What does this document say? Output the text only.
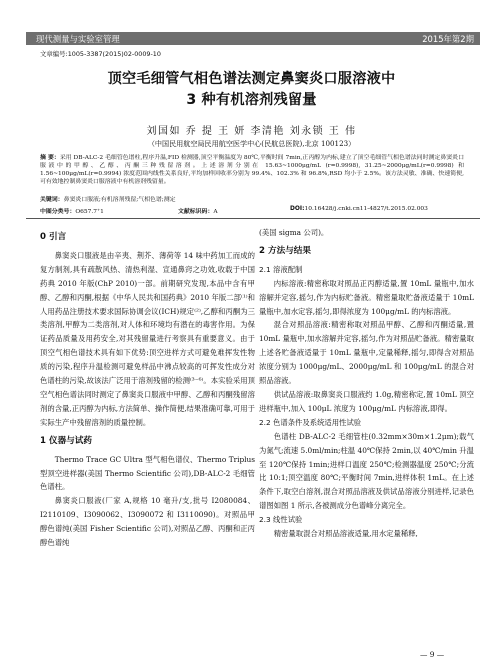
现代测量与实验室管理	2015年第2期
文章编号:1005-3387(2015)02-0009-10
顶空毛细管气相色谱法测定鼻窦炎口服溶液中
3 种有机溶剂残留量
刘国如 乔 提 王 妍 李清艳 刘永锁 王 伟
（中国民用航空局民用航空医学中心(民航总医院),北京 100123）
摘 要：采用 DB-ALC-2 毛细管色谱柱,程序升温,FID 检测器,顶空平衡温度为 80℃,平衡时间 7min,正丙醇为内标,建立了顶空毛细管气相色谱法同时测定鼻窦炎口服液中的甲醇、乙醇、丙酮三种残留溶剂。上述溶剂分别在 15.63~1000μg/mL (r=0.9998), 31.25~2000μg/mL(r=0.9998) 和 1.56~100μg/mL(r=0.9994) 浓度范围内线性关系良好,平均加样回收率分别为 99.4%、102.3% 和 96.8%,RSD 均小于 2.5%。该方法灵敏、准确、快速简便,可有效地控制鼻窦炎口服溶液中有机溶剂残留量。
关键词：鼻窦炎口服液;有机溶剂残留;气相色谱;测定
中图分类号：O657.7⁺1	文献标识码：A	DOI:10.16428/j.cnki.cn11-4827/t.2015.02.003

0 引言

鼻窦炎口服液是由辛夷、荆芥、薄荷等 14 味中药加工而成的复方制剂,具有疏散风热、清热利湿、宣通鼻窍之功效,收载于中国药典 2010 年版(ChP 2010)一部。前期研究发现,本品中含有甲醇、乙醇和丙酮,根据《中华人民共和国药典》2010 年版二部⁽¹⁾和人用药品注册技术要求国际协调会议(ICH)规定⁽²⁾,乙醇和丙酮为三类溶剂,甲醇为二类溶剂,对人体和环境均有潜在的毒害作用。为保证药品质量及用药安全,对其残留量进行考察具有重要意义。由于顶空气相色谱技术具有如下优势:顶空进样方式可避免难挥发性物质的污染,程序升温检测可避免样品中沸点较高的可挥发性成分对色谱柱的污染,故该法广泛用于溶剂残留的检测⁽³⁻⁶⁾。本实验采用顶空气相色谱法同时测定了鼻窦炎口服液中甲醇、乙醇和丙酮残留溶剂的含量,正丙醇为内标,方法简单、操作简便,结果准确可靠,可用于实际生产中残留溶剂的质量控制。

1 仪器与试药

Thermo Trace GC Ultra 型气相色谱仪、Thermo Triplus 型顶空进样器(美国 Thermo Scientific 公司),DB-ALC-2 毛细管色谱柱。

鼻窦炎口服液(厂家 A,规格 10 毫升/支,批号 I2080084、I2110109、I3090062、I3090072 和 I3110090)。对照品甲醇色谱纯(美国 Fisher Scientific 公司),对照品乙醇、丙酮和正丙醇色谱纯

(美国 sigma 公司)。

2 方法与结果

2.1 溶液配制

内标溶液:精密称取对照品正丙醇适量,置 10mL 量瓶中,加水溶解并定容,摇匀,作为内标贮备液。精密量取贮备液适量于 10mL 量瓶中,加水定容,摇匀,即得浓度为 100μg/mL 的内标溶液。

混合对照品溶液:精密称取对照品甲醇、乙醇和丙酮适量,置 10mL 量瓶中,加水溶解并定容,摇匀,作为对照品贮备液。精密量取上述各贮备液适量于 10mL 量瓶中,定量稀释,摇匀,即得含对照品浓度分别为 1000μg/mL、2000μg/mL 和 100μg/mL 的混合对照品溶液。

供试品溶液:取鼻窦炎口服液约 1.0g,精密称定,置 10mL 顶空进样瓶中,加入 100μL 浓度为 100μg/mL 内标溶液,即得。

2.2 色谱条件及系统适用性试验

色谱柱 DB-ALC-2 毛细管柱(0.32mm×30m×1.2μm);载气为氮气;流速 5.0ml/min;柱温 40℃保持 2min,以 40℃/min 升温至 120℃保持 1min;进样口温度 250℃;检测器温度 250℃;分流比 10:1;顶空温度 80℃;平衡时间 7min,进样体积 1mL。在上述条件下,取空白溶剂,混合对照品溶液及供试品溶液分别进样,记录色谱图如图 1 所示,各被测成分色谱峰分离完全。

2.3 线性试验

精密量取混合对照品溶液适量,用水定量稀释,

— 9 —
